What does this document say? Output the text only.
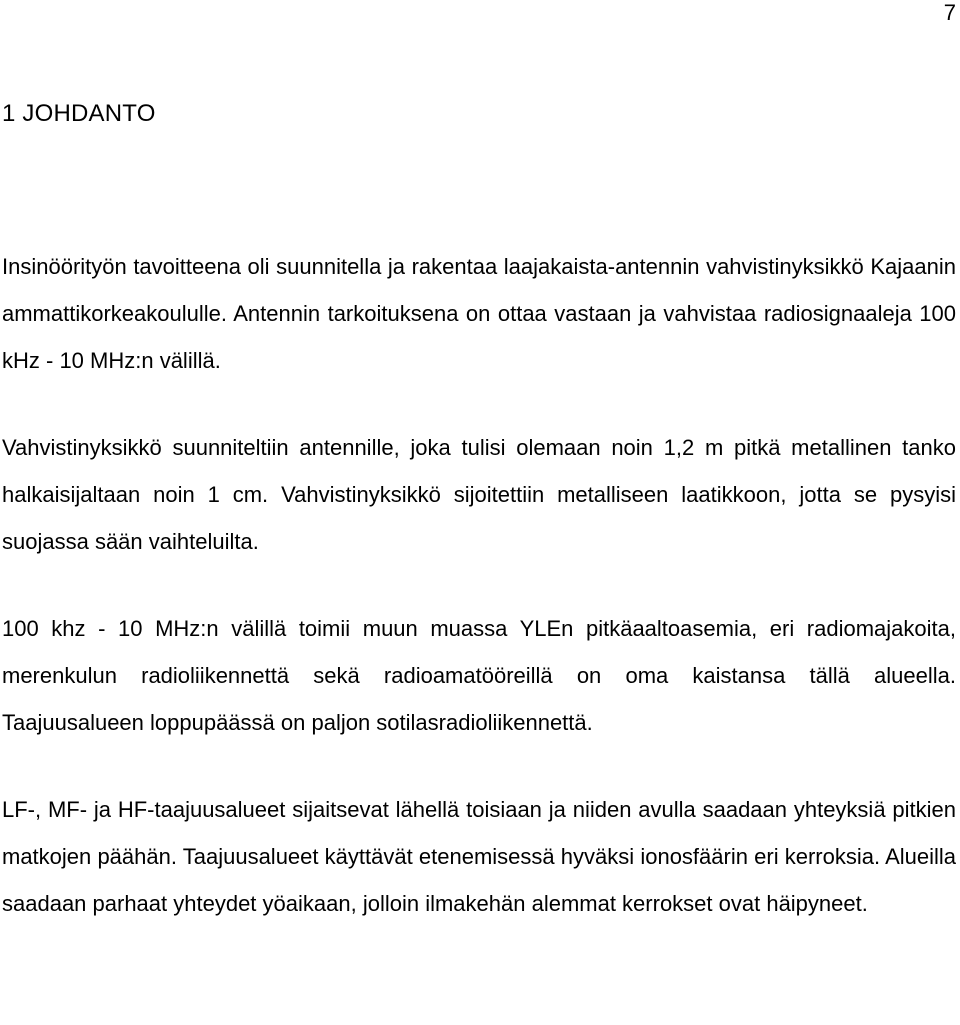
7
1 JOHDANTO

Insinöörityön tavoitteena oli suunnitella ja rakentaa laajakaista-antennin vahvistinyksikkö Kajaanin ammattikorkeakoululle. Antennin tarkoituksena on ottaa vastaan ja vahvistaa radiosignaaleja 100 kHz - 10 MHz:n välillä.

Vahvistinyksikkö suunniteltiin antennille, joka tulisi olemaan noin 1,2 m pitkä metallinen tanko halkaisijaltaan noin 1 cm. Vahvistinyksikkö sijoitettiin metalliseen laatikkoon, jotta se pysyisi suojassa sään vaihteluilta.

100 khz - 10 MHz:n välillä toimii muun muassa YLEn pitkäaaltoasemia, eri radiomajakoita, merenkulun radioliikennettä sekä radioamatööreillä on oma kaistansa tällä alueella. Taajuusalueen loppupäässä on paljon sotilasradioliikennettä.

LF-, MF- ja HF-taajuusalueet sijaitsevat lähellä toisiaan ja niiden avulla saadaan yhteyksiä pitkien matkojen päähän. Taajuusalueet käyttävät etenemisessä hyväksi ionosfäärin eri kerroksia. Alueilla saadaan parhaat yhteydet yöaikaan, jolloin ilmakehän alemmat kerrokset ovat häipyneet.
